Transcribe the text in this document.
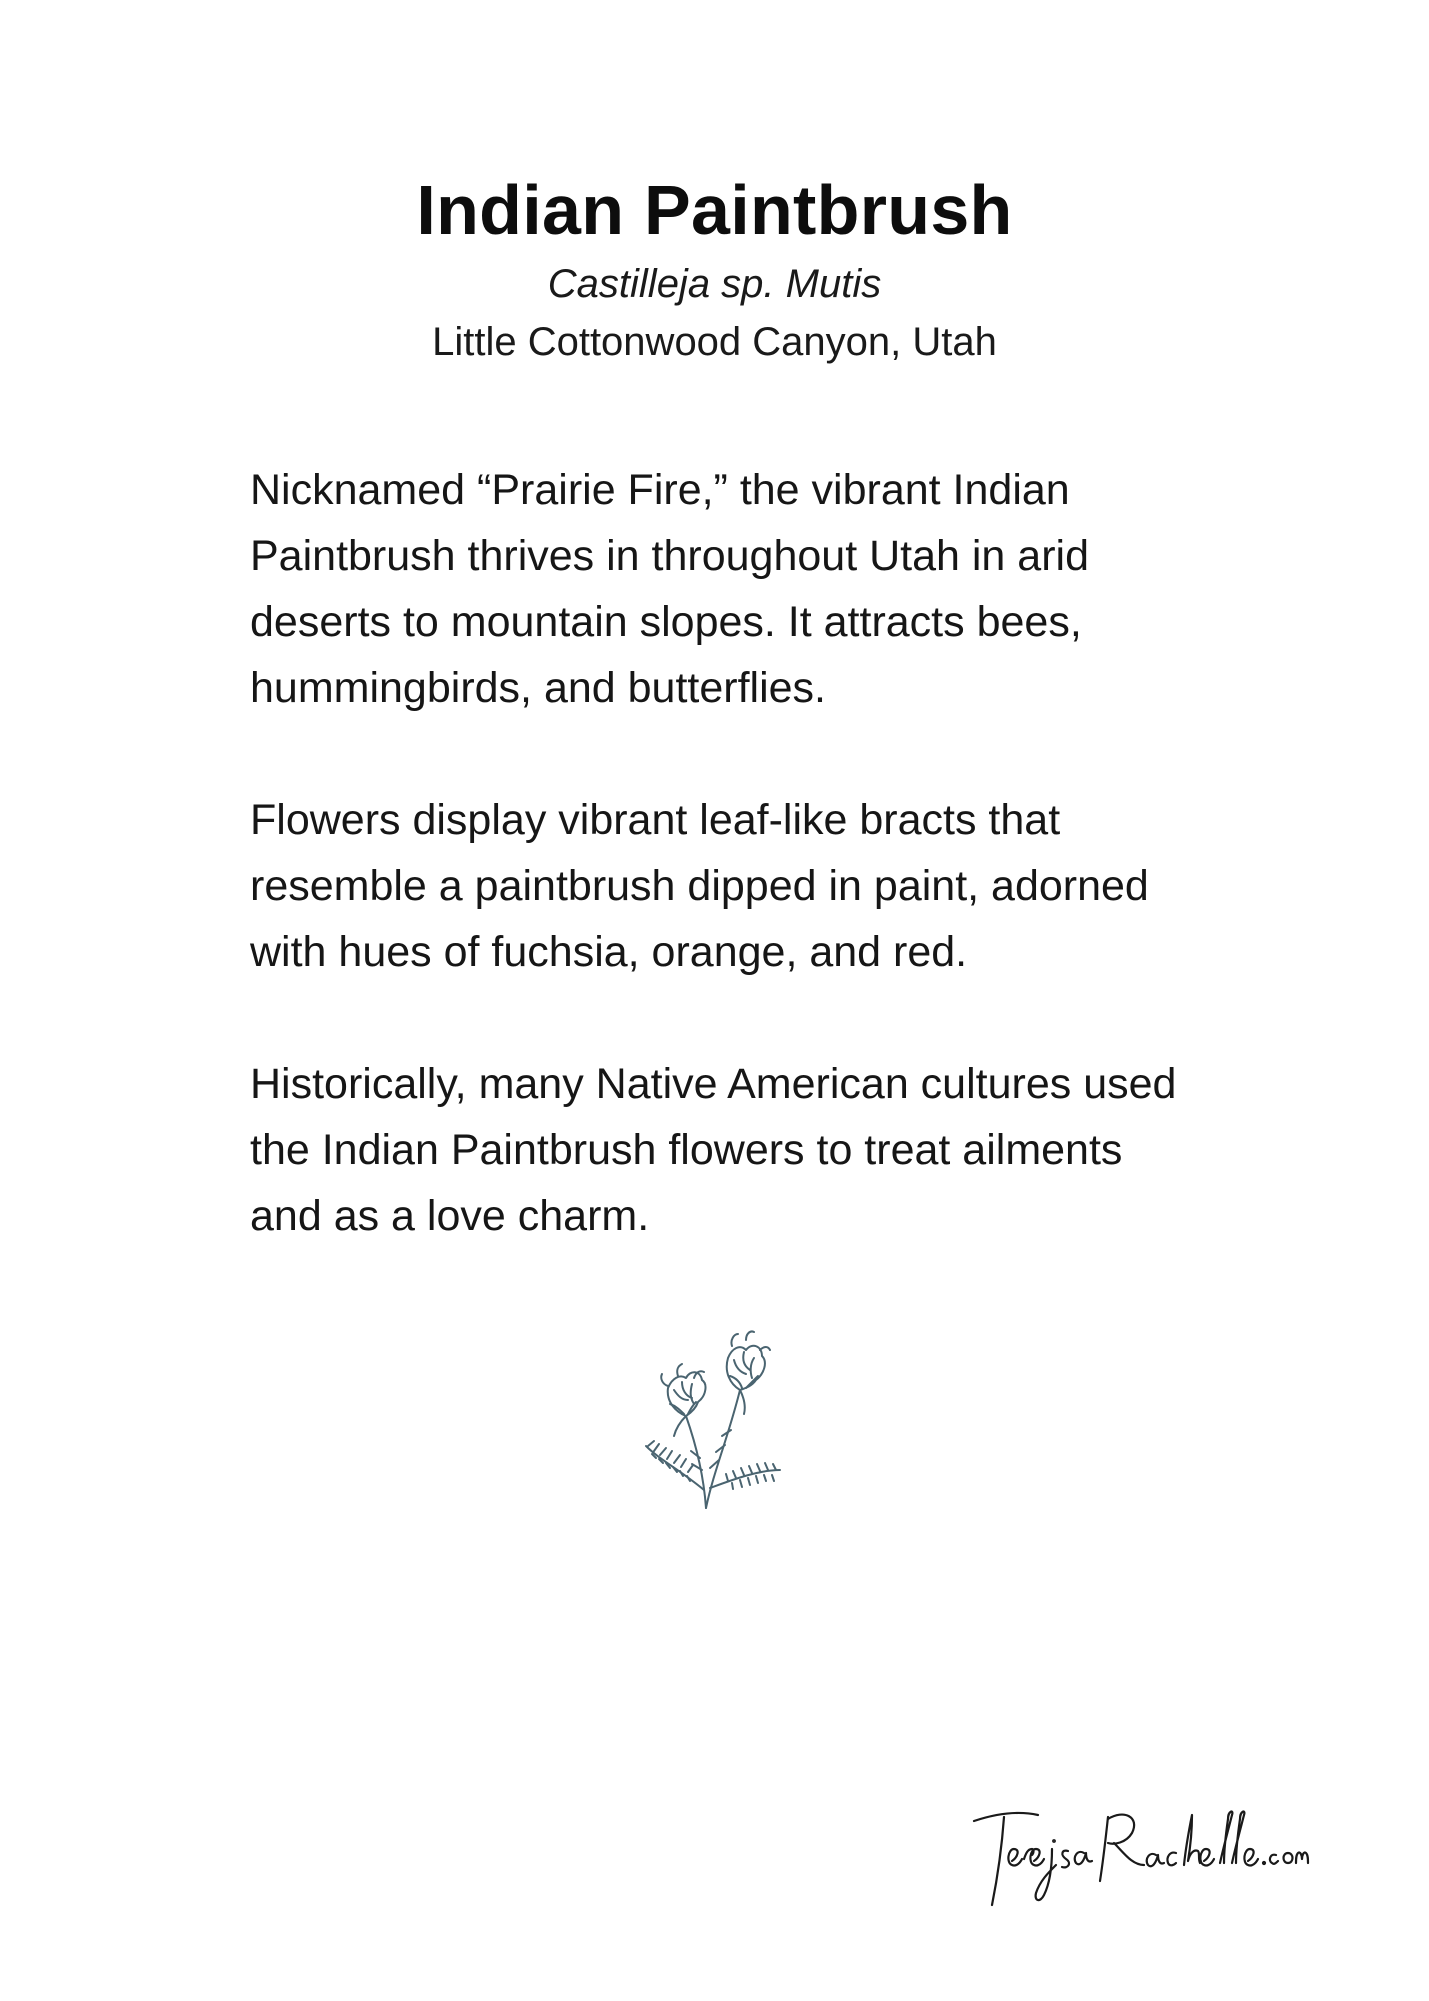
Indian Paintbrush

Castilleja sp. Mutis

Little Cottonwood Canyon, Utah

Nicknamed “Prairie Fire,” the vibrant Indian
Paintbrush thrives in throughout Utah in arid
deserts to mountain slopes. It attracts bees,
hummingbirds, and butterflies.

Flowers display vibrant leaf-like bracts that
resemble a paintbrush dipped in paint, adorned
with hues of fuchsia, orange, and red.

Historically, many Native American cultures used
the Indian Paintbrush flowers to treat ailments
and as a love charm.
